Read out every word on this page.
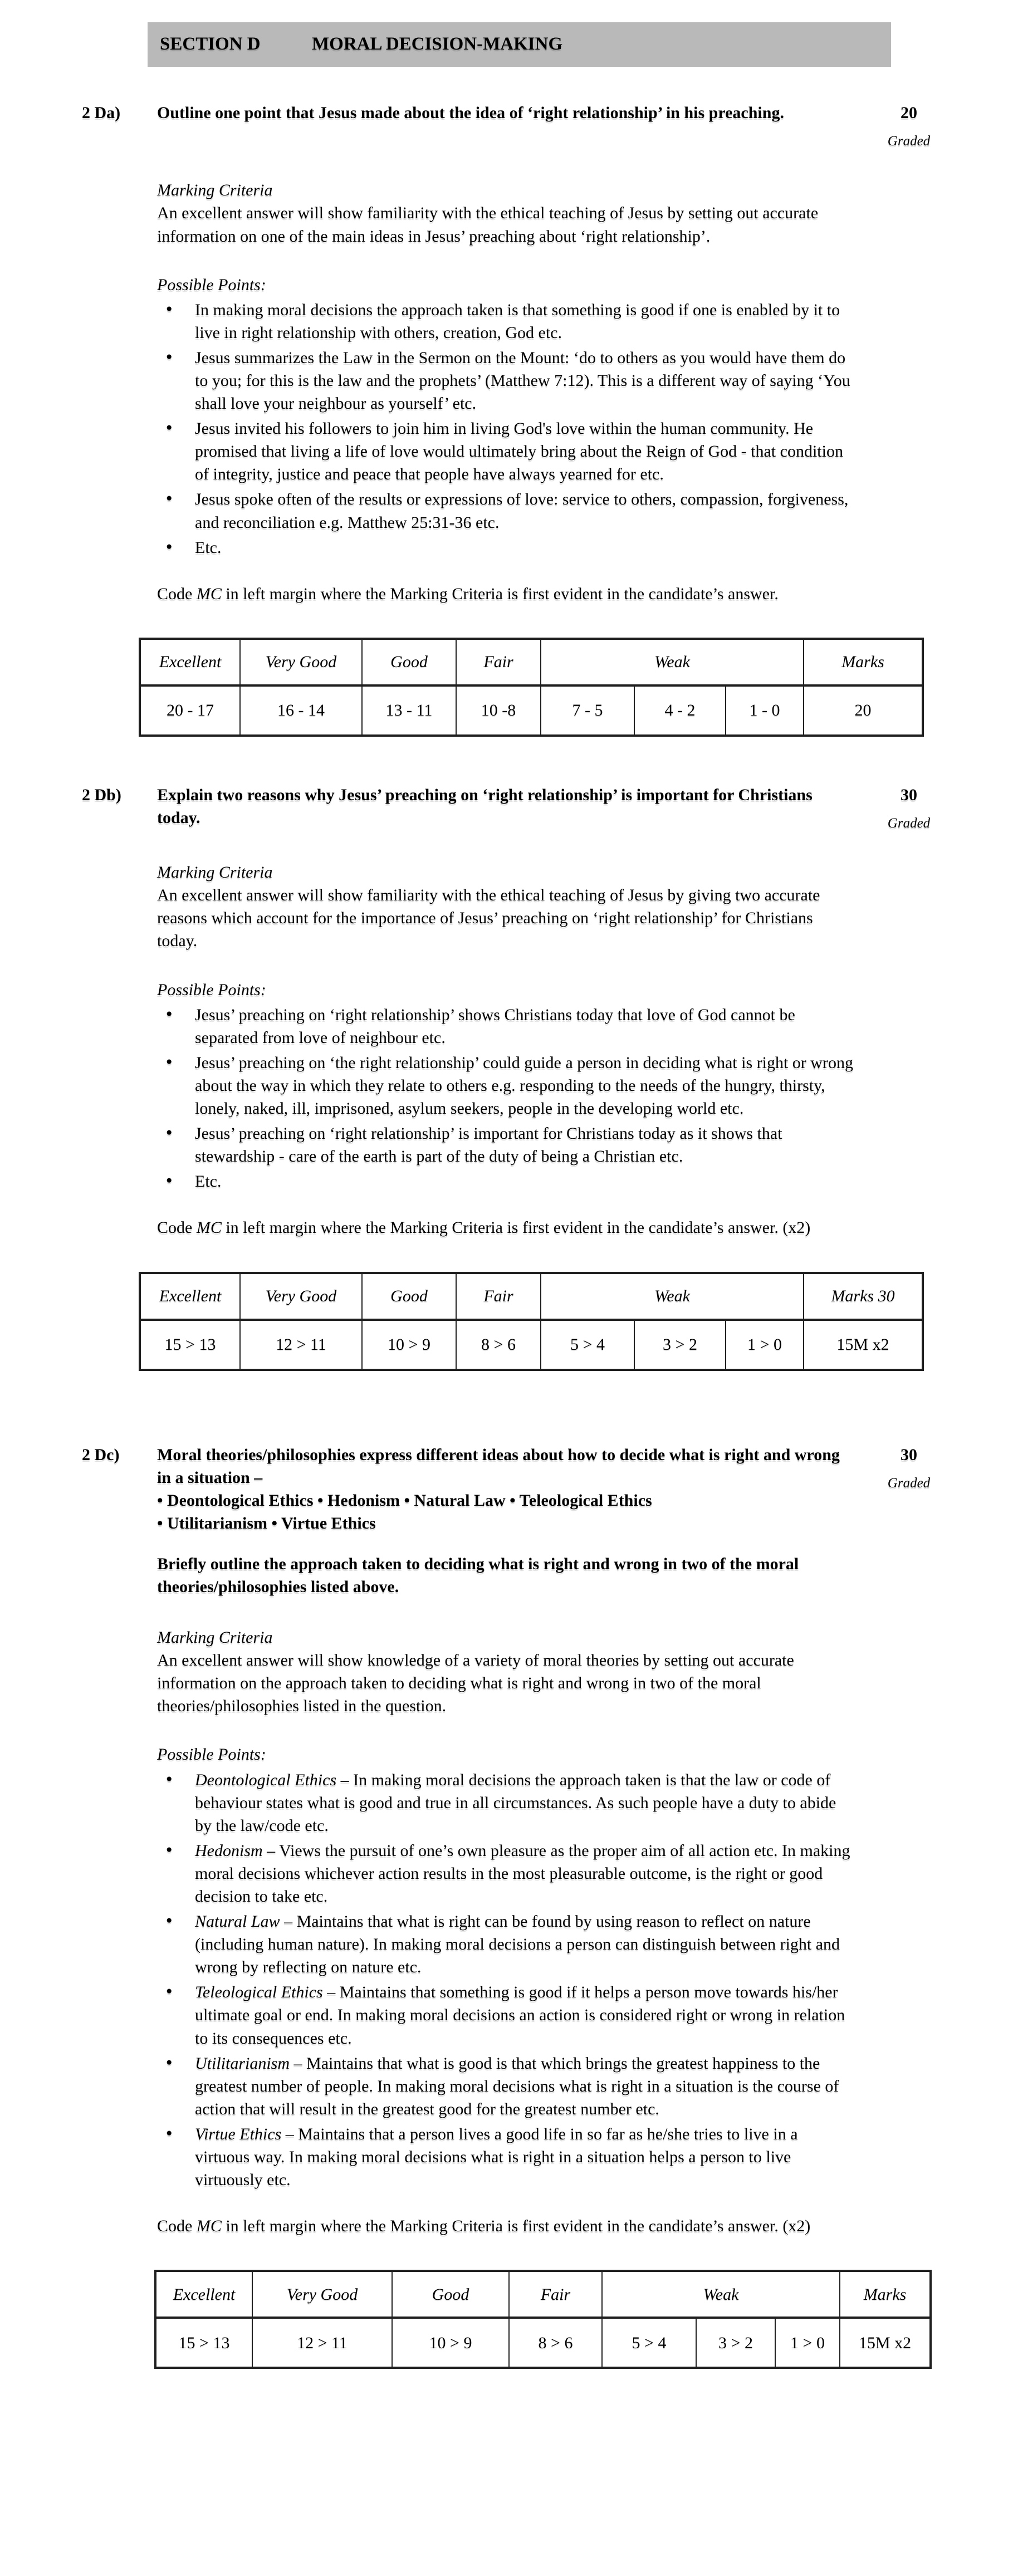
SECTION D	MORAL DECISION-MAKING
2 Da)	Outline one point that Jesus made about the idea of ‘right relationship’ in his preaching.	20
Graded

Marking Criteria

An excellent answer will show familiarity with the ethical teaching of Jesus by setting out accurate information on one of the main ideas in Jesus’ preaching about ‘right relationship’.

Possible Points:

● In making moral decisions the approach taken is that something is good if one is enabled by it to live in right relationship with others, creation, God etc.
● Jesus summarizes the Law in the Sermon on the Mount: ‘do to others as you would have them do to you; for this is the law and the prophets’ (Matthew 7:12). This is a different way of saying ‘You shall love your neighbour as yourself’ etc.
● Jesus invited his followers to join him in living God's love within the human community. He promised that living a life of love would ultimately bring about the Reign of God - that condition of integrity, justice and peace that people have always yearned for etc.
● Jesus spoke often of the results or expressions of love: service to others, compassion, forgiveness, and reconciliation e.g. Matthew 25:31-36 etc.
● Etc.

Code MC in left margin where the Marking Criteria is first evident in the candidate’s answer.

Excellent	Very Good	Good	Fair	Weak			Marks
20 - 17	16 - 14	13 - 11	10 -8	7 - 5	4 - 2	1 - 0	20
2 Db)	Explain two reasons why Jesus’ preaching on ‘right relationship’ is important for Christians today.

30
Graded

Marking Criteria

An excellent answer will show familiarity with the ethical teaching of Jesus by giving two accurate reasons which account for the importance of Jesus’ preaching on ‘right relationship’ for Christians today.

Possible Points:

● Jesus’ preaching on ‘right relationship’ shows Christians today that love of God cannot be separated from love of neighbour etc.
● Jesus’ preaching on ‘the right relationship’ could guide a person in deciding what is right or wrong about the way in which they relate to others e.g. responding to the needs of the hungry, thirsty, lonely, naked, ill, imprisoned, asylum seekers, people in the developing world etc.
● Jesus’ preaching on ‘right relationship’ is important for Christians today as it shows that stewardship - care of the earth is part of the duty of being a Christian etc.
● Etc.

Code MC in left margin where the Marking Criteria is first evident in the candidate’s answer. (x2)

Excellent	Very Good	Good	Fair	Weak			Marks 30
15 > 13	12 > 11	10 > 9	8 > 6	5 > 4	3 > 2	1 > 0	15M x2
2 Dc)	Moral theories/philosophies express different ideas about how to decide what is right and wrong in a situation –

• Deontological Ethics • Hedonism • Natural Law • Teleological Ethics

• Utilitarianism • Virtue Ethics

Briefly outline the approach taken to deciding what is right and wrong in two of the moral theories/philosophies listed above.

30
Graded

Marking Criteria

An excellent answer will show knowledge of a variety of moral theories by setting out accurate information on the approach taken to deciding what is right and wrong in two of the moral theories/philosophies listed in the question.

Possible Points:

● Deontological Ethics – In making moral decisions the approach taken is that the law or code of behaviour states what is good and true in all circumstances. As such people have a duty to abide by the law/code etc.
● Hedonism – Views the pursuit of one’s own pleasure as the proper aim of all action etc. In making moral decisions whichever action results in the most pleasurable outcome, is the right or good decision to take etc.
● Natural Law – Maintains that what is right can be found by using reason to reflect on nature (including human nature). In making moral decisions a person can distinguish between right and wrong by reflecting on nature etc.
● Teleological Ethics – Maintains that something is good if it helps a person move towards his/her ultimate goal or end. In making moral decisions an action is considered right or wrong in relation to its consequences etc.
● Utilitarianism – Maintains that what is good is that which brings the greatest happiness to the greatest number of people. In making moral decisions what is right in a situation is the course of action that will result in the greatest good for the greatest number etc.
● Virtue Ethics – Maintains that a person lives a good life in so far as he/she tries to live in a virtuous way. In making moral decisions what is right in a situation helps a person to live virtuously etc.

Code MC in left margin where the Marking Criteria is first evident in the candidate’s answer. (x2)

Excellent	Very Good	Good	Fair	Weak			Marks
15 > 13	12 > 11	10 > 9	8 > 6	5 > 4	3 > 2	1 > 0	15M x2
